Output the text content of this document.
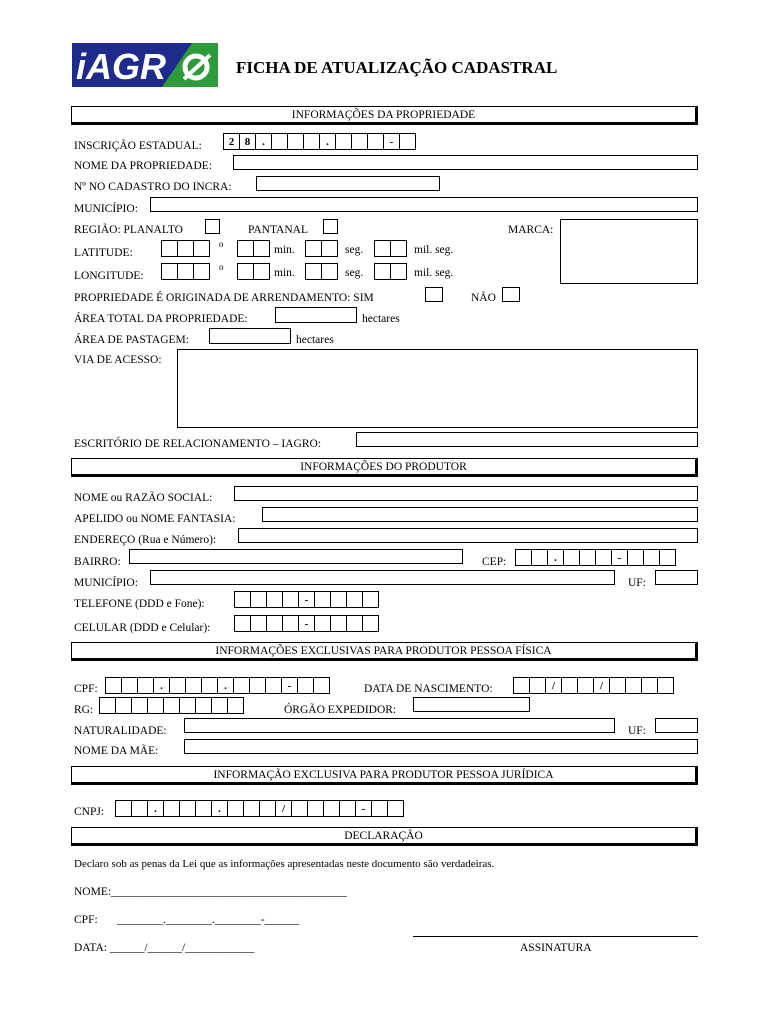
iAGR	FICHA DE ATUALIZAÇÃO CADASTRAL
INFORMAÇÕES DA PROPRIEDADE
INSCRIÇÃO ESTADUAL:	2 8	.	.	-
NOME DA PROPRIEDADE:
Nº NO CADASTRO DO INCRA:
MUNICÍPIO:
REGIÃO: PLANALTO	PANTANAL	MARCA:
LATITUDE:
o	min.	seg.	mil. seg.
LONGITUDE:
o	min.	seg.	mil. seg.
PROPRIEDADE É ORIGINADA DE ARRENDAMENTO: SIM	NÃO
ÁREA TOTAL DA PROPRIEDADE:	hectares
ÁREA DE PASTAGEM:	hectares
VIA DE ACESSO:
ESCRITÓRIO DE RELACIONAMENTO – IAGRO:
INFORMAÇÕES DO PRODUTOR
NOME ou RAZÃO SOCIAL:
APELIDO ou NOME FANTASIA:
ENDEREÇO (Rua e Número):
BAIRRO:	CEP:	.	-
MUNICÍPIO:	UF:
TELEFONE (DDD e Fone):	-
CELULAR (DDD e Celular):	-
INFORMAÇÕES EXCLUSIVAS PARA PRODUTOR PESSOA FÍSICA
CPF:	.	.	-	DATA DE NASCIMENTO:	/	/
RG:	ÓRGÃO EXPEDIDOR:
NATURALIDADE:	UF:
NOME DA MÃE:
INFORMAÇÃO EXCLUSIVA PARA PRODUTOR PESSOA JURÍDICA
CNPJ:	.	.	/	-
DECLARAÇÃO
Declaro sob as penas da Lei que as informações apresentadas neste documento são verdadeiras.
NOME:_________________________________________
CPF: ________.________.________-______
DATA: ______/______/____________	ASSINATURA
